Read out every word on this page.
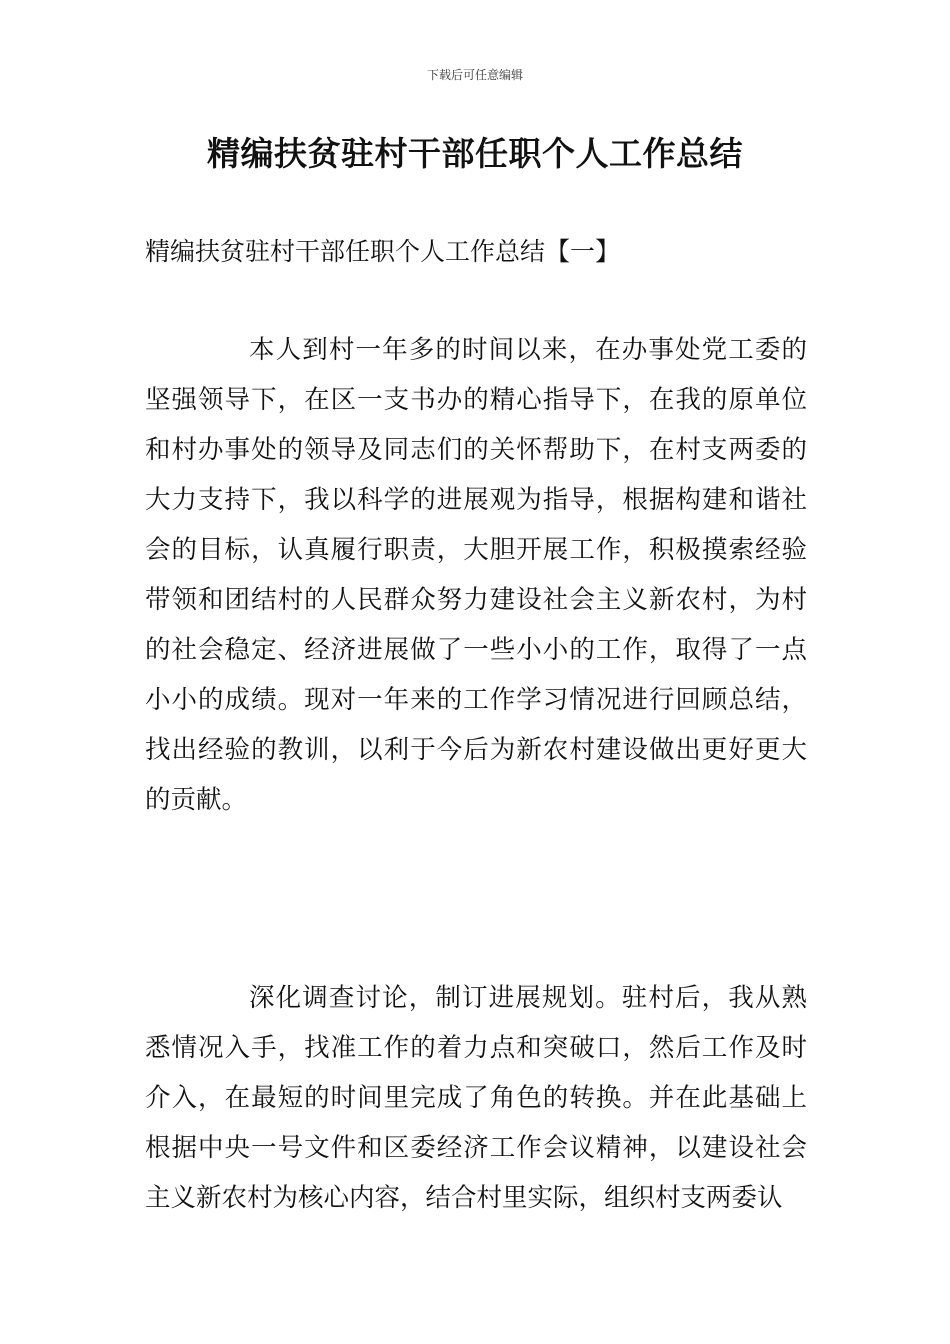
下载后可任意编辑
精编扶贫驻村干部任职个人工作总结
精编扶贫驻村干部任职个人工作总结【一】

本人到村一年多的时间以来，在办事处党工委的坚强领导下，在区一支书办的精心指导下，在我的原单位和村办事处的领导及同志们的关怀帮助下，在村支两委的大力支持下，我以科学的进展观为指导，根据构建和谐社会的目标，认真履行职责，大胆开展工作，积极摸索经验带领和团结村的人民群众努力建设社会主义新农村，为村的社会稳定、经济进展做了一些小小的工作，取得了一点小小的成绩。现对一年来的工作学习情况进行回顾总结，找出经验的教训，以利于今后为新农村建设做出更好更大的贡献。

深化调查讨论，制订进展规划。驻村后，我从熟悉情况入手，找准工作的着力点和突破口，然后工作及时介入，在最短的时间里完成了角色的转换。并在此基础上根据中央一号文件和区委经济工作会议精神，以建设社会主义新农村为核心内容，结合村里实际，组织村支两委认
